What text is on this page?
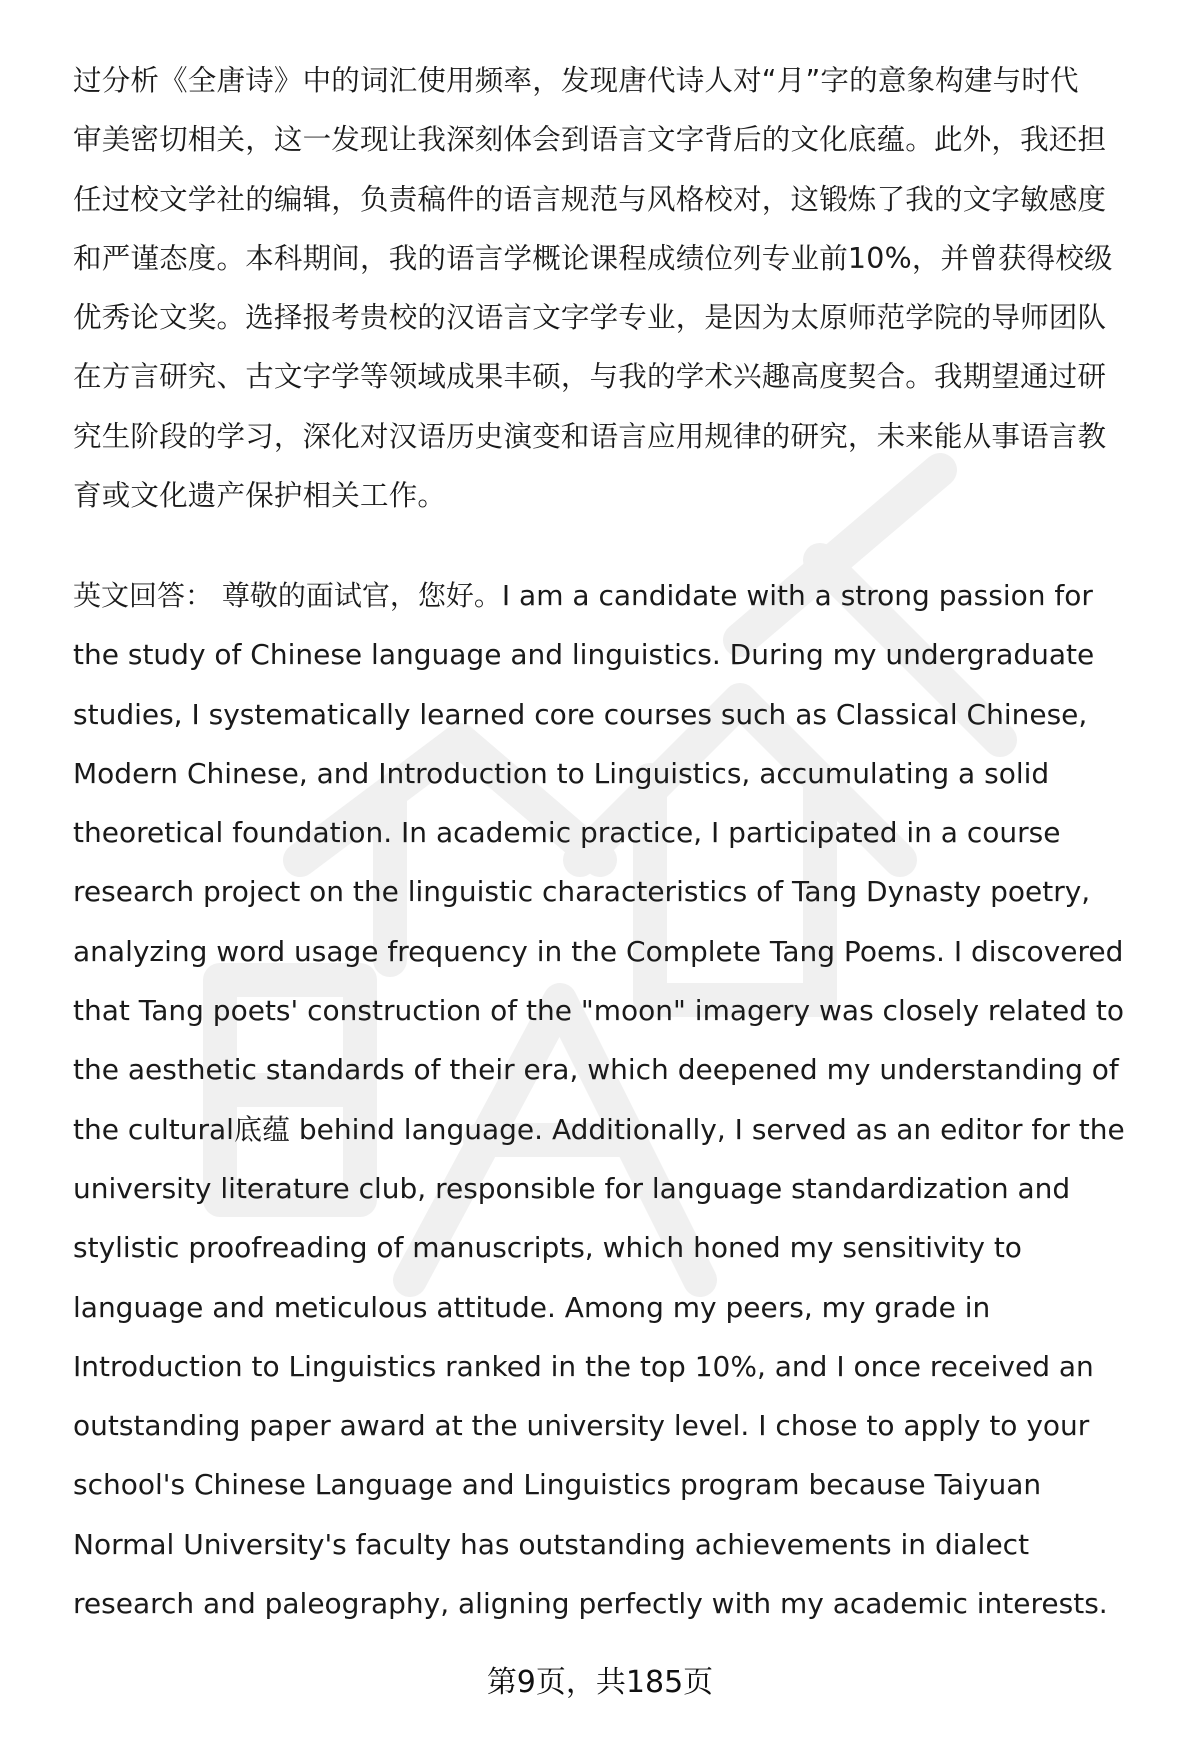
过分析《全唐诗》中的词汇使用频率，发现唐代诗人对“月”字的意象构建与时代
审美密切相关，这一发现让我深刻体会到语言文字背后的文化底蕴。此外，我还担
任过校文学社的编辑，负责稿件的语言规范与风格校对，这锻炼了我的文字敏感度
和严谨态度。本科期间，我的语言学概论课程成绩位列专业前10%，并曾获得校级
优秀论文奖。选择报考贵校的汉语言文字学专业，是因为太原师范学院的导师团队
在方言研究、古文字学等领域成果丰硕，与我的学术兴趣高度契合。我期望通过研
究生阶段的学习，深化对汉语历史演变和语言应用规律的研究，未来能从事语言教
育或文化遗产保护相关工作。
英文回答： 尊敬的面试官，您好。I am a candidate with a strong passion for
the study of Chinese language and linguistics. During my undergraduate
studies, I systematically learned core courses such as Classical Chinese,
Modern Chinese, and Introduction to Linguistics, accumulating a solid
theoretical foundation. In academic practice, I participated in a course
research project on the linguistic characteristics of Tang Dynasty poetry,
analyzing word usage frequency in the Complete Tang Poems. I discovered
that Tang poets' construction of the "moon" imagery was closely related to
the aesthetic standards of their era, which deepened my understanding of
the cultural底蕴 behind language. Additionally, I served as an editor for the
university literature club, responsible for language standardization and
stylistic proofreading of manuscripts, which honed my sensitivity to
language and meticulous attitude. Among my peers, my grade in
Introduction to Linguistics ranked in the top 10%, and I once received an
outstanding paper award at the university level. I chose to apply to your
school's Chinese Language and Linguistics program because Taiyuan
Normal University's faculty has outstanding achievements in dialect
research and paleography, aligning perfectly with my academic interests.
第9页，共185页
